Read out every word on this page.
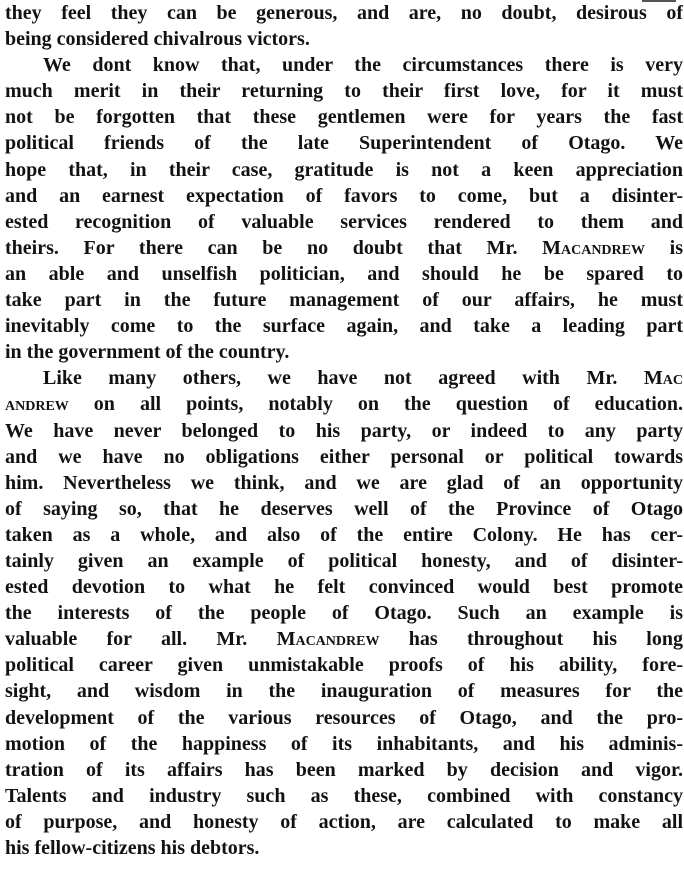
they feel they can be generous, and are, no doubt, desirous of
being considered chivalrous victors.
We dont know that, under the circumstances there is very
much merit in their returning to their first love, for it must
not be forgotten that these gentlemen were for years the fast
political friends of the late Superintendent of Otago. We
hope that, in their case, gratitude is not a keen appreciation
and an earnest expectation of favors to come, but a disinter-
ested recognition of valuable services rendered to them and
theirs. For there can be no doubt that Mr. Macandrew is
an able and unselfish politician, and should he be spared to
take part in the future management of our affairs, he must
inevitably come to the surface again, and take a leading part
in the government of the country.
Like many others, we have not agreed with Mr. Mac
andrew on all points, notably on the question of education.
We have never belonged to his party, or indeed to any party
and we have no obligations either personal or political towards
him. Nevertheless we think, and we are glad of an opportunity
of saying so, that he deserves well of the Province of Otago
taken as a whole, and also of the entire Colony. He has cer-
tainly given an example of political honesty, and of disinter-
ested devotion to what he felt convinced would best promote
the interests of the people of Otago. Such an example is
valuable for all. Mr. Macandrew has throughout his long
political career given unmistakable proofs of his ability, fore-
sight, and wisdom in the inauguration of measures for the
development of the various resources of Otago, and the pro-
motion of the happiness of its inhabitants, and his adminis-
tration of its affairs has been marked by decision and vigor.
Talents and industry such as these, combined with constancy
of purpose, and honesty of action, are calculated to make all
his fellow-citizens his debtors.
